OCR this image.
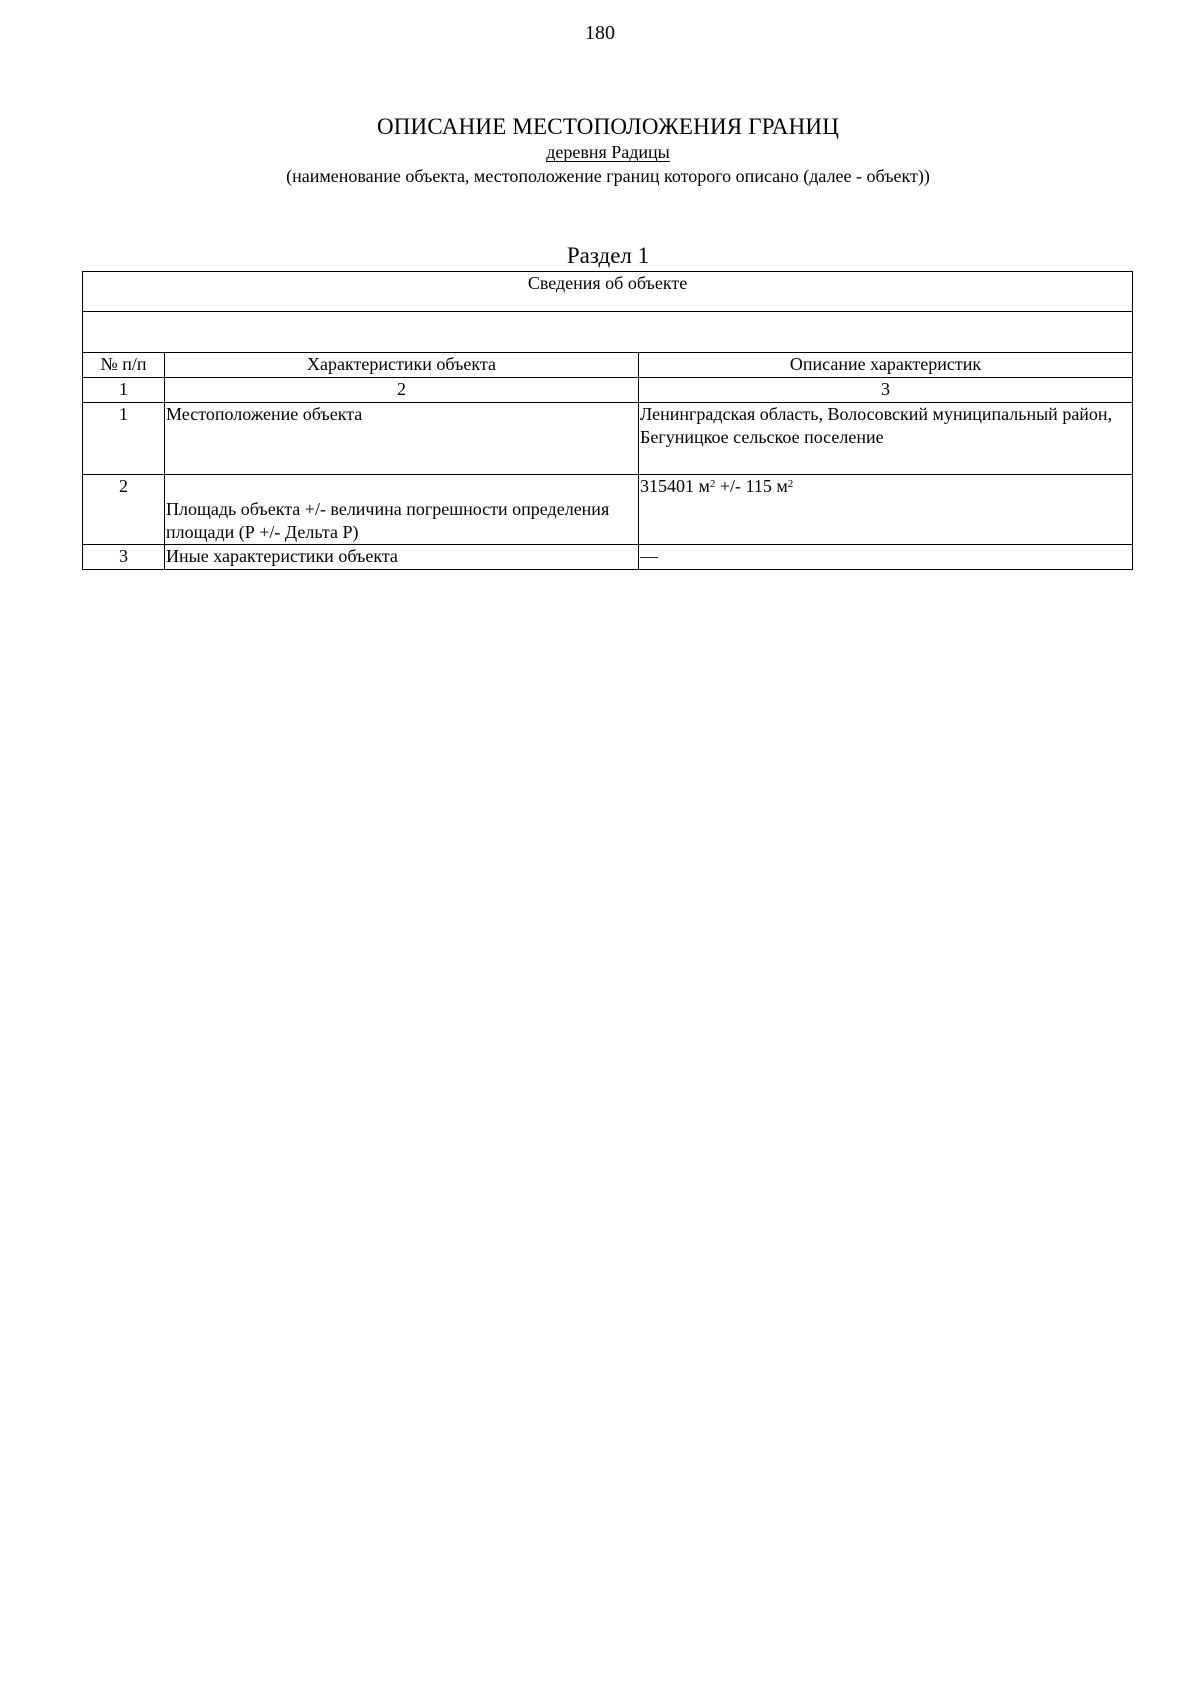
180
ОПИСАНИЕ МЕСТОПОЛОЖЕНИЯ ГРАНИЦ
деревня Радицы
(наименование объекта, местоположение границ которого описано (далее - объект))
Раздел 1
Сведения об объекте		

№ п/п	Характеристики объекта	Описание характеристик
1	2	3
1	Местоположение объекта	Ленинградская область, Волосовский муниципальный район, Бегуницкое сельское поселение
2	Площадь объекта +/- величина погрешности определения площади (Р +/- Дельта Р)	315401 $м^2$ +/- 115 $м^2$
3	Иные характеристики объекта	—
